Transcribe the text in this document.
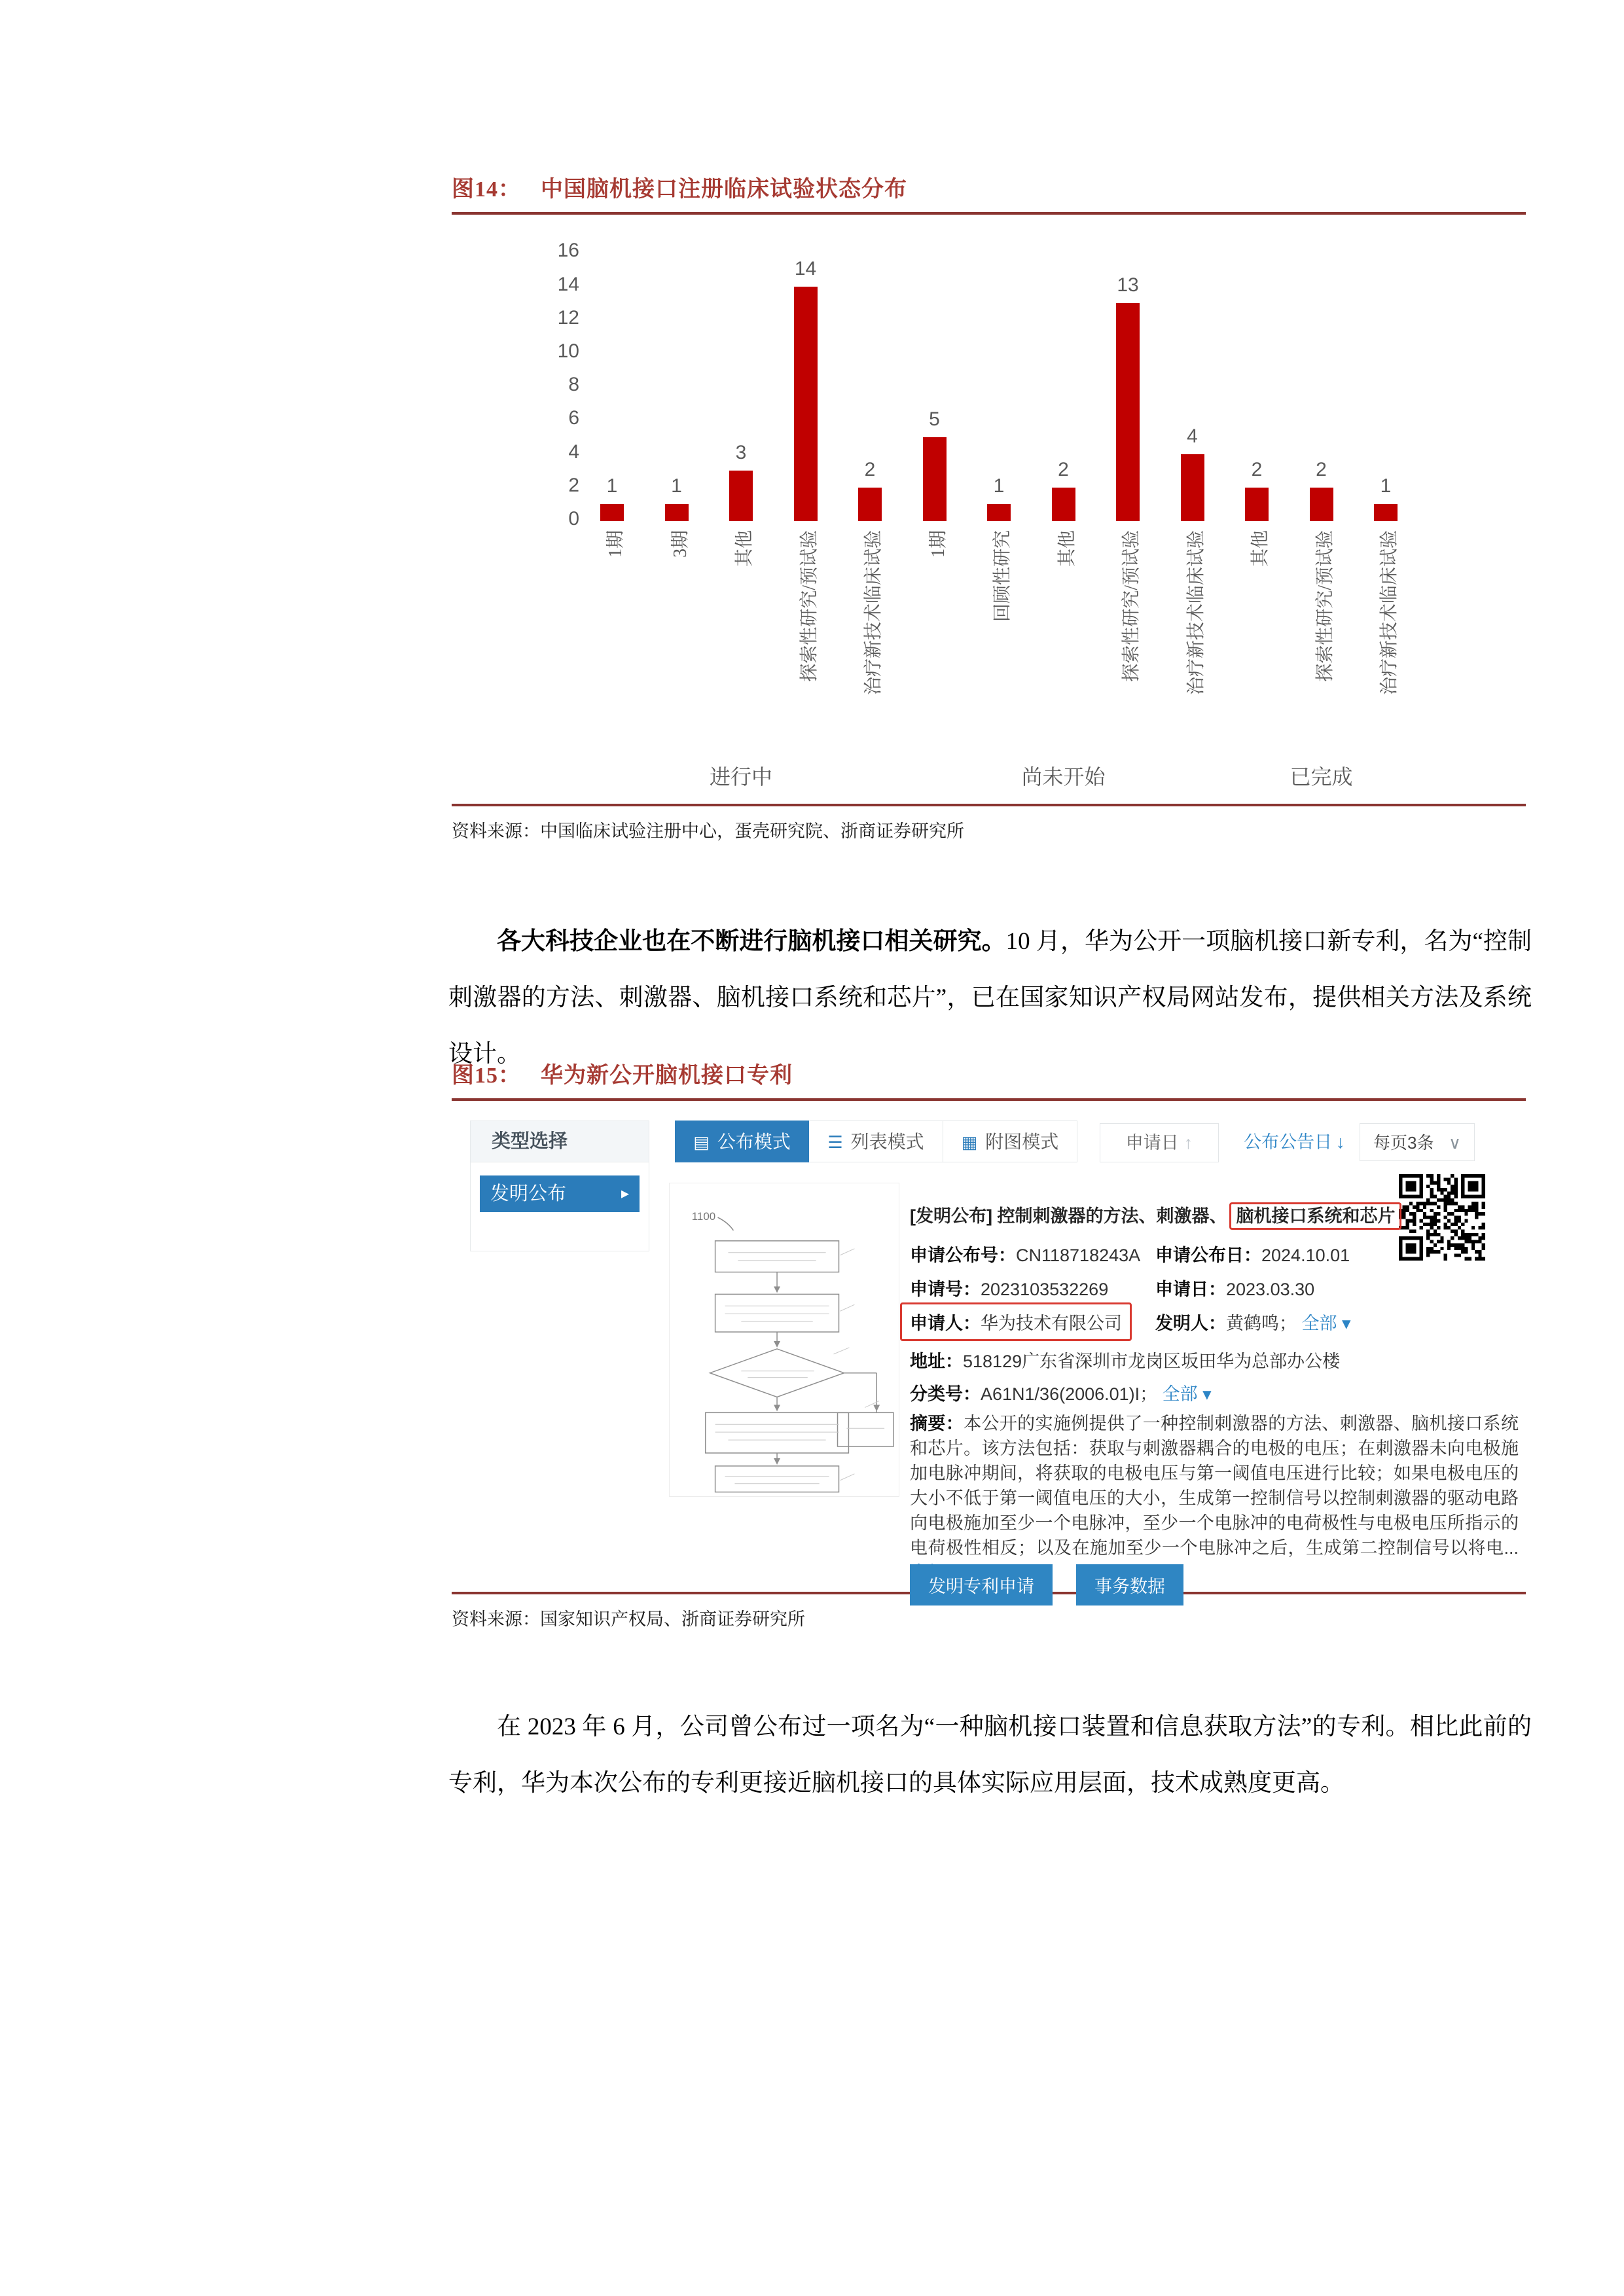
图14： 中国脑机接口注册临床试验状态分布
0
2
4
6
8
10
12
14
16
1
1期
1
3期
3
其他
14
探索性研究/预试验
2
治疗新技术临床试验
5
1期
1
回顾性研究
2
其他
13
探索性研究/预试验
4
治疗新技术临床试验
2
其他
2
探索性研究/预试验
1
治疗新技术临床试验
进行中	尚未开始	已完成
资料来源：中国临床试验注册中心，蛋壳研究院、浙商证券研究所

各大科技企业也在不断进行脑机接口相关研究。10 月，华为公开一项脑机接口新专利，名为“控制刺激器的方法、刺激器、脑机接口系统和芯片”，已在国家知识产权局网站发布，提供相关方法及系统设计。

图15： 华为新公开脑机接口专利
类型选择
发明公布	▸
▤ 公布模式	☰ 列表模式	▦ 附图模式	申请日 ↑	公布公告日 ↓ 每页3条 ∨
1100	[发明公布] 控制刺激器的方法、刺激器、 脑机接口系统和芯片
摘要：本公开的实施例提供了一种控制刺激器的方法、刺激器、脑机接口系统和芯片。该方法包括：获取与刺激器耦合的电极的电压；在刺激器未向电极施加电脉冲期间，将获取的电极电压与第一阈值电压进行比较；如果电极电压的大小不低于第一阈值电压的大小，生成第一控制信号以控制刺激器的驱动电路向电极施加至少一个电脉冲，至少一个电脉冲的电荷极性与电极电压所指示的电荷极性相反；以及在施加至少一个电脉冲之后，生成第二控制信号以将电...
发明专利申请	事务数据
申请公布号：CN118718243A 申请公布日：2024.10.01
申请号：2023103532269	申请日：2023.03.30
申请人：华为技术有限公司	发明人：黄鹤鸣； 全部 ▾
地址：518129广东省深圳市龙岗区坂田华为总部办公楼
分类号：A61N1/36(2006.01)I； 全部 ▾
资料来源：国家知识产权局、浙商证券研究所

在 2023 年 6 月，公司曾公布过一项名为“一种脑机接口装置和信息获取方法”的专利。相比此前的专利，华为本次公布的专利更接近脑机接口的具体实际应用层面，技术成熟度更高。
